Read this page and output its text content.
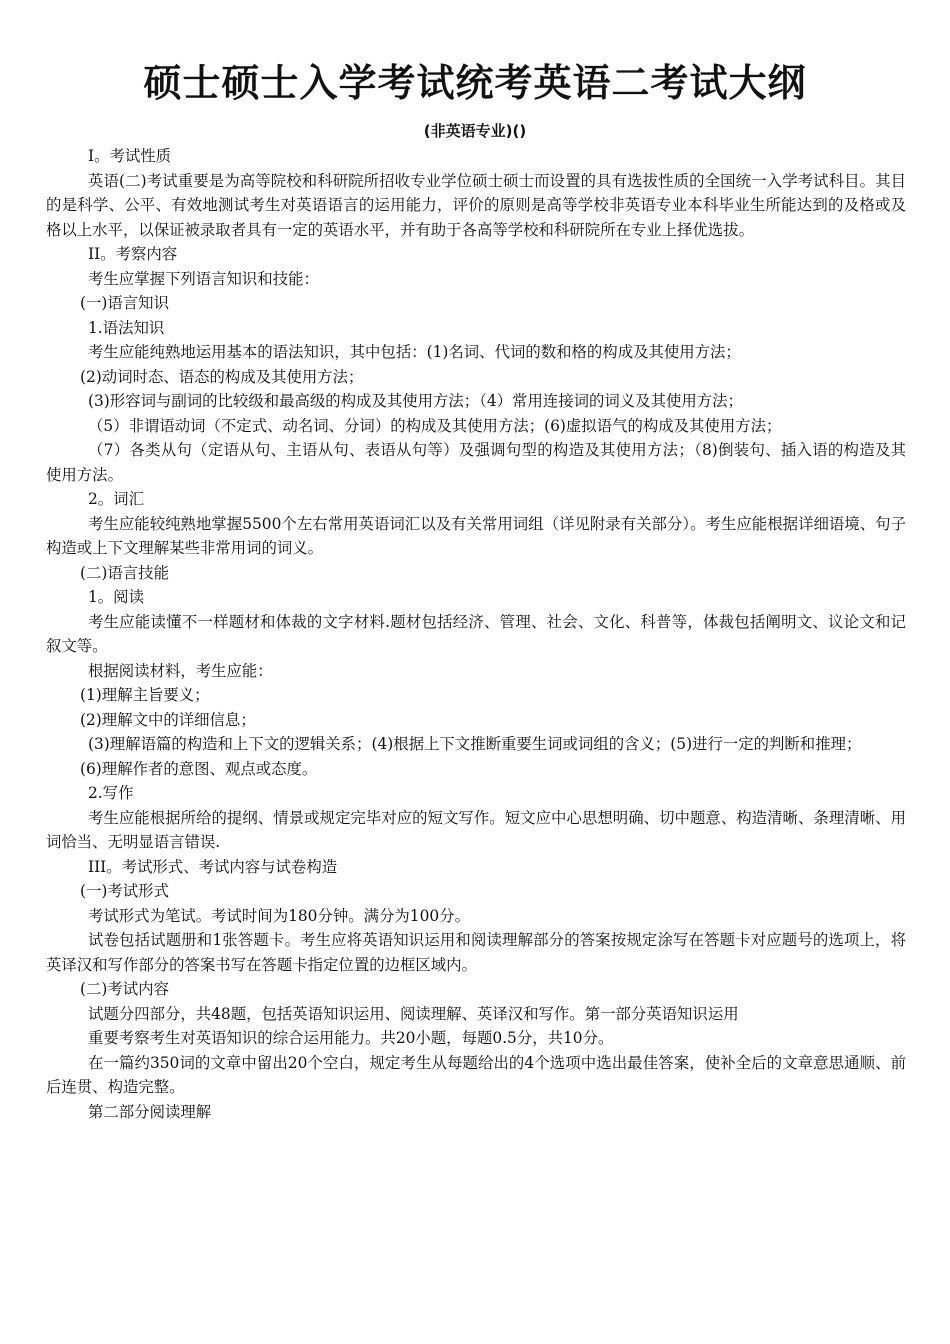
硕士硕士入学考试统考英语二考试大纲
(非英语专业)()

I。考试性质

英语(二)考试重要是为高等院校和科研院所招收专业学位硕士硕士而设置的具有选拔性质的全国统一入学考试科目。其目的是科学、公平、有效地测试考生对英语语言的运用能力，评价的原则是高等学校非英语专业本科毕业生所能达到的及格或及格以上水平，以保证被录取者具有一定的英语水平，并有助于各高等学校和科研院所在专业上择优选拔。

II。考察内容

考生应掌握下列语言知识和技能：

(一)语言知识

1.语法知识

考生应能纯熟地运用基本的语法知识，其中包括：(1)名词、代词的数和格的构成及其使用方法；

(2)动词时态、语态的构成及其使用方法；

(3)形容词与副词的比较级和最高级的构成及其使用方法；（4）常用连接词的词义及其使用方法；

（5）非谓语动词（不定式、动名词、分词）的构成及其使用方法；(6)虚拟语气的构成及其使用方法；

（7）各类从句（定语从句、主语从句、表语从句等）及强调句型的构造及其使用方法；（8)倒装句、插入语的构造及其使用方法。

2。词汇

考生应能较纯熟地掌握5500个左右常用英语词汇以及有关常用词组（详见附录有关部分）。考生应能根据详细语境、句子构造或上下文理解某些非常用词的词义。

(二)语言技能

1。阅读

考生应能读懂不一样题材和体裁的文字材料.题材包括经济、管理、社会、文化、科普等，体裁包括阐明文、议论文和记叙文等。

根据阅读材料，考生应能：

(1)理解主旨要义；

(2)理解文中的详细信息；

(3)理解语篇的构造和上下文的逻辑关系；(4)根据上下文推断重要生词或词组的含义；(5)进行一定的判断和推理；

(6)理解作者的意图、观点或态度。

2.写作

考生应能根据所给的提纲、情景或规定完毕对应的短文写作。短文应中心思想明确、切中题意、构造清晰、条理清晰、用词恰当、无明显语言错误.

III。考试形式、考试内容与试卷构造

(一)考试形式

考试形式为笔试。考试时间为180分钟。满分为100分。

试卷包括试题册和1张答题卡。考生应将英语知识运用和阅读理解部分的答案按规定涂写在答题卡对应题号的选项上，将英译汉和写作部分的答案书写在答题卡指定位置的边框区域内。

(二)考试内容

试题分四部分，共48题，包括英语知识运用、阅读理解、英译汉和写作。第一部分英语知识运用

重要考察考生对英语知识的综合运用能力。共20小题，每题0.5分，共10分。

在一篇约350词的文章中留出20个空白，规定考生从每题给出的4个选项中选出最佳答案，使补全后的文章意思通顺、前后连贯、构造完整。

第二部分阅读理解
